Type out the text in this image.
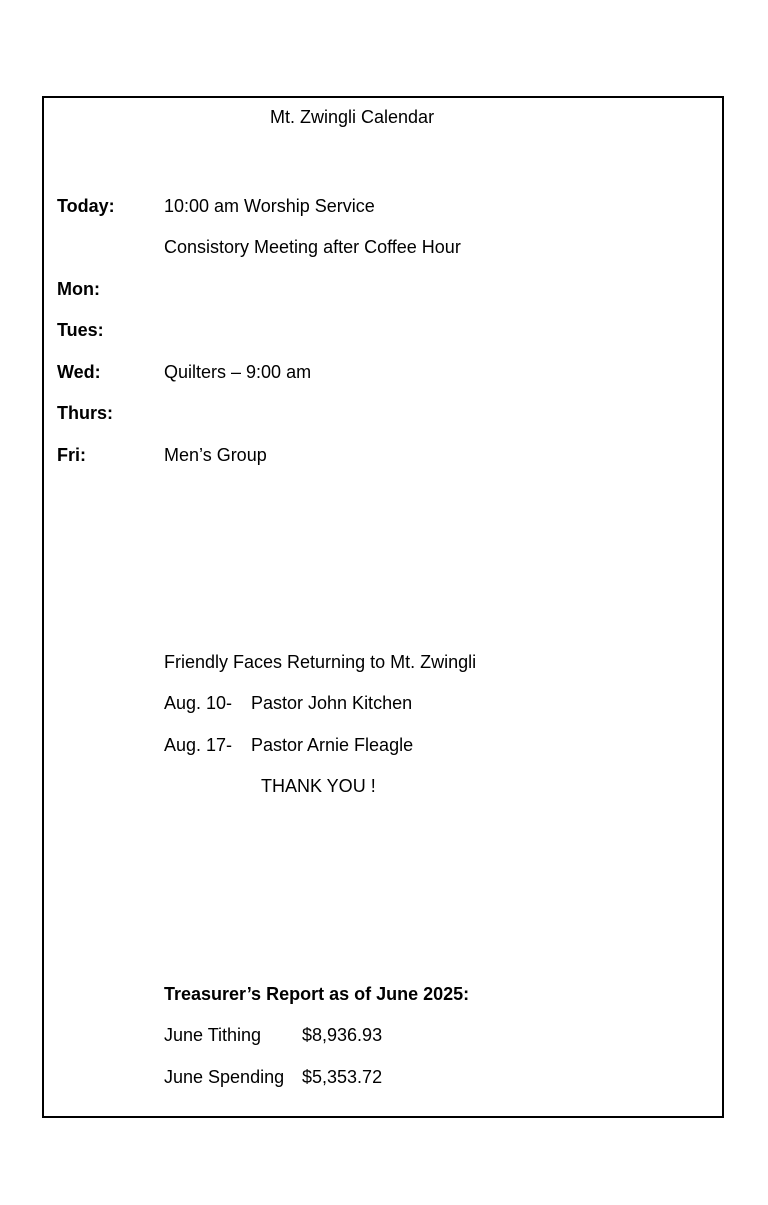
Mt. Zwingli Calendar
Today:	10:00 am Worship Service
Consistory Meeting after Coffee Hour
Mon:
Tues:
Wed:	Quilters – 9:00 am
Thurs:
Fri:	Men’s Group
Friendly Faces Returning to Mt. Zwingli
Aug. 10- Pastor John Kitchen
Aug. 17- Pastor Arnie Fleagle
THANK YOU !
Treasurer’s Report as of June 2025:
June Tithing $8,936.93
June Spending $5,353.72
